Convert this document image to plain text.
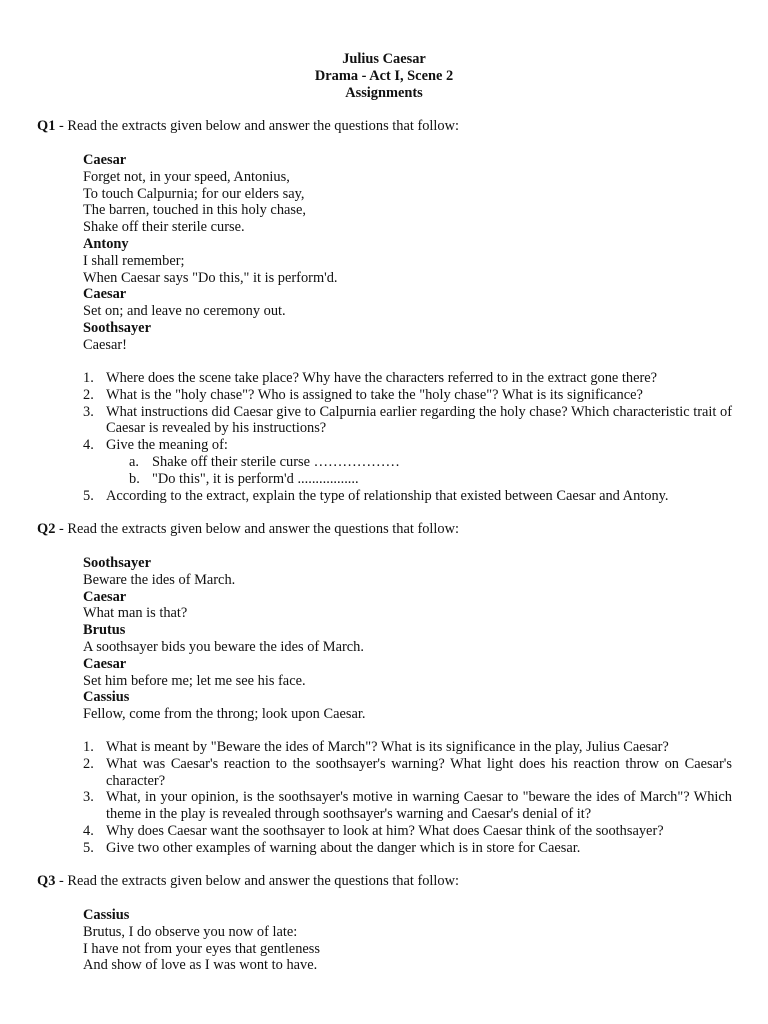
Julius Caesar
Drama - Act I, Scene 2
Assignments
Q1 - Read the extracts given below and answer the questions that follow:
Caesar
Forget not, in your speed, Antonius,
To touch Calpurnia; for our elders say,
The barren, touched in this holy chase,
Shake off their sterile curse.
Antony
I shall remember;
When Caesar says "Do this," it is perform'd.
Caesar
Set on; and leave no ceremony out.
Soothsayer
Caesar!
1. Where does the scene take place? Why have the characters referred to in the extract gone there?
2. What is the "holy chase"? Who is assigned to take the "holy chase"? What is its significance?
3. What instructions did Caesar give to Calpurnia earlier regarding the holy chase? Which characteristic trait of Caesar is revealed by his instructions?
4. Give the meaning of:
a. Shake off their sterile curse ………………
b. "Do this", it is perform'd .................
5. According to the extract, explain the type of relationship that existed between Caesar and Antony.
Q2 - Read the extracts given below and answer the questions that follow:
Soothsayer
Beware the ides of March.
Caesar
What man is that?
Brutus
A soothsayer bids you beware the ides of March.
Caesar
Set him before me; let me see his face.
Cassius
Fellow, come from the throng; look upon Caesar.
1. What is meant by "Beware the ides of March"? What is its significance in the play, Julius Caesar?
2. What was Caesar's reaction to the soothsayer's warning? What light does his reaction throw on Caesar's character?
3. What, in your opinion, is the soothsayer's motive in warning Caesar to "beware the ides of March"? Which theme in the play is revealed through soothsayer's warning and Caesar's denial of it?
4. Why does Caesar want the soothsayer to look at him? What does Caesar think of the soothsayer?
5. Give two other examples of warning about the danger which is in store for Caesar.
Q3 - Read the extracts given below and answer the questions that follow:
Cassius
Brutus, I do observe you now of late:
I have not from your eyes that gentleness
And show of love as I was wont to have.
